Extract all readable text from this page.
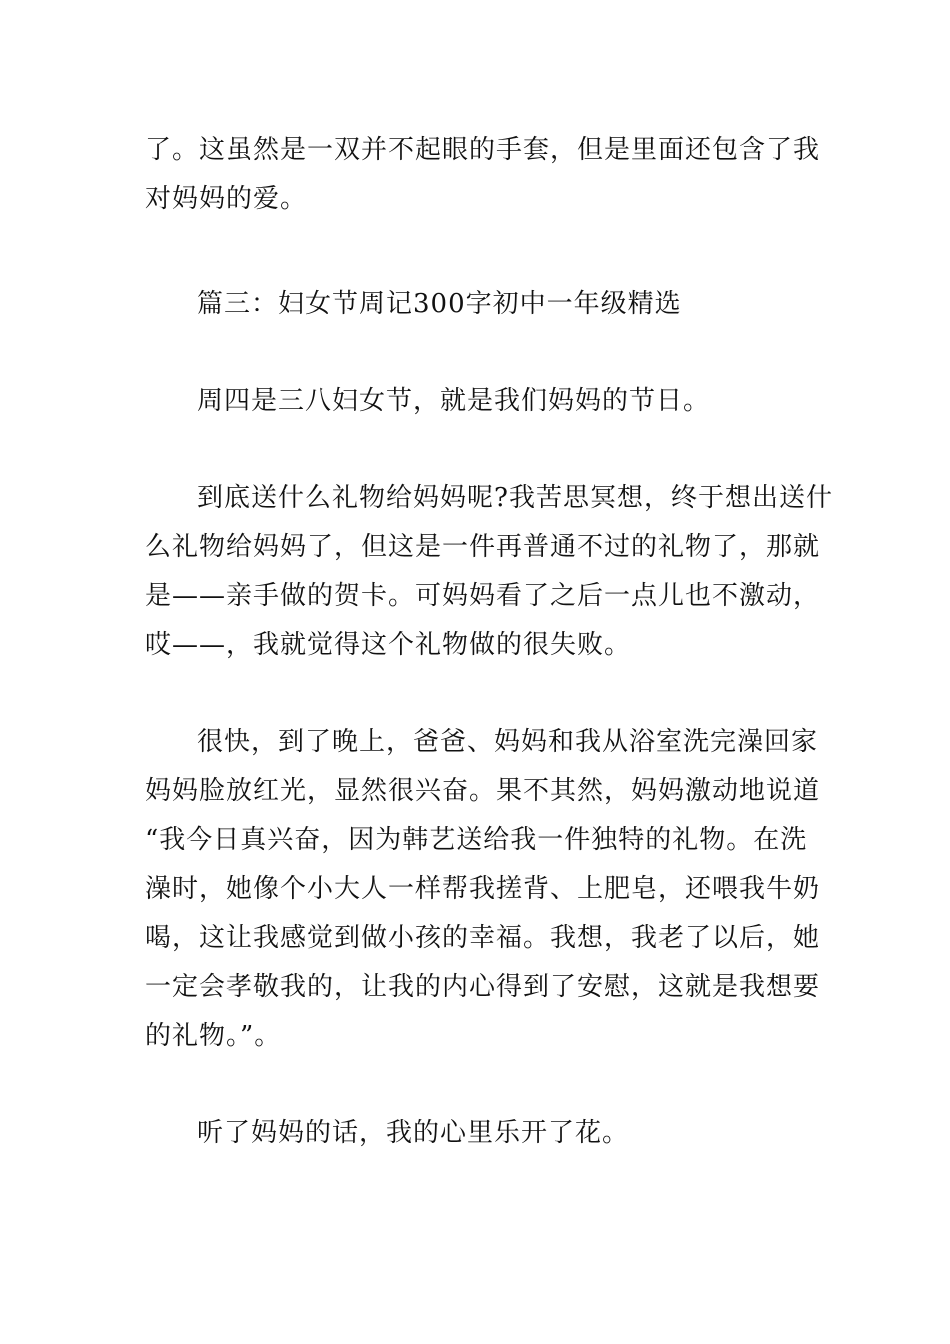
了。这虽然是一双并不起眼的手套，但是里面还包含了我
对妈妈的爱。

篇三：妇女节周记300字初中一年级精选

周四是三八妇女节，就是我们妈妈的节日。

到底送什么礼物给妈妈呢?我苦思冥想，终于想出送什
么礼物给妈妈了，但这是一件再普通不过的礼物了，那就
是——亲手做的贺卡。可妈妈看了之后一点儿也不激动，
哎——，我就觉得这个礼物做的很失败。

很快，到了晚上，爸爸、妈妈和我从浴室洗完澡回家
妈妈脸放红光，显然很兴奋。果不其然，妈妈激动地说道
“我今日真兴奋，因为韩艺送给我一件独特的礼物。在洗
澡时，她像个小大人一样帮我搓背、上肥皂，还喂我牛奶
喝，这让我感觉到做小孩的幸福。我想，我老了以后，她
一定会孝敬我的，让我的内心得到了安慰，这就是我想要
的礼物。”。

听了妈妈的话，我的心里乐开了花。
